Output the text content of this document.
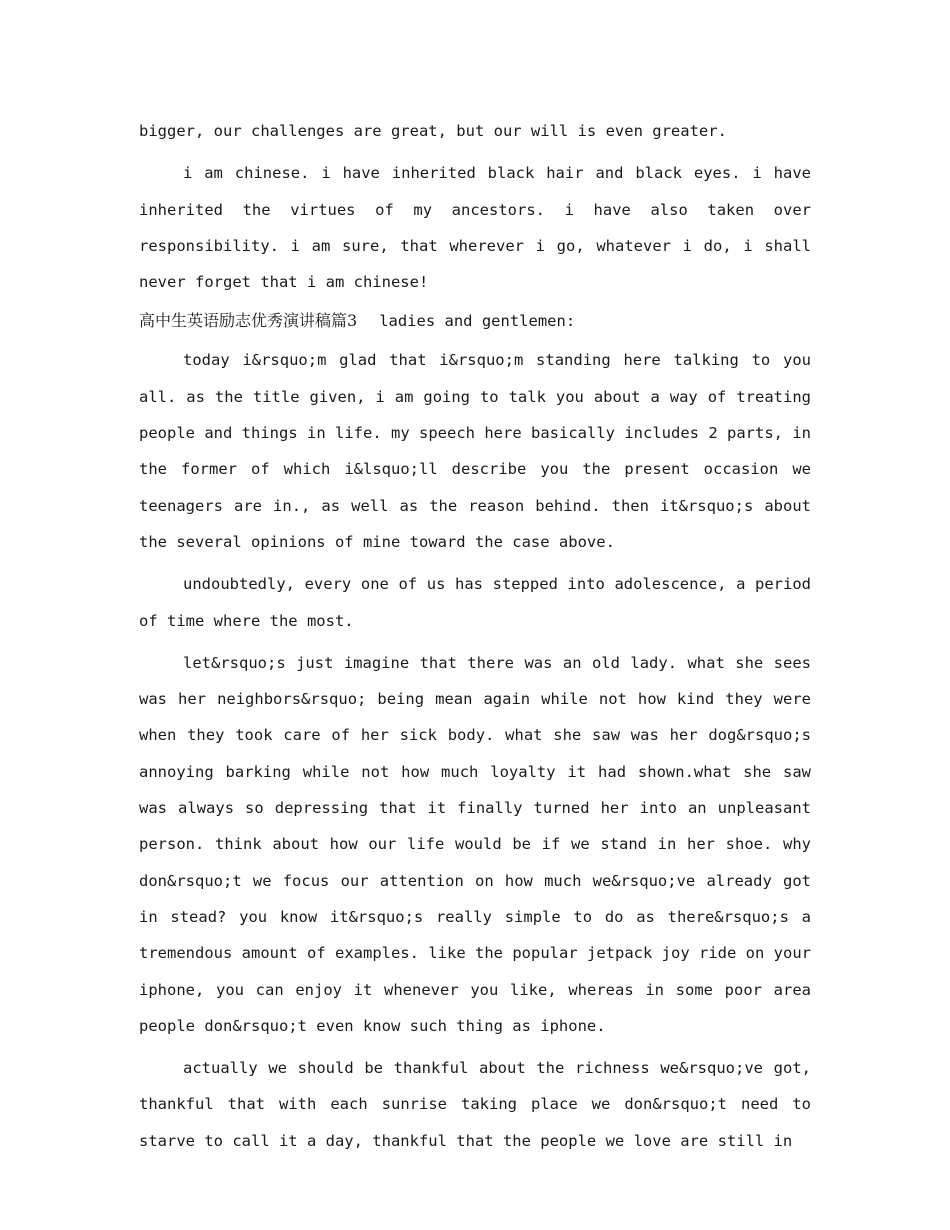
bigger, our challenges are great, but our will is even greater.

i am chinese. i have inherited black hair and black eyes. i have inherited the virtues of my ancestors. i have also taken over responsibility. i am sure, that wherever i go, whatever i do, i shall never forget that i am chinese!

高中生英语励志优秀演讲稿篇3 ladies and gentlemen:

today i&rsquo;m glad that i&rsquo;m standing here talking to you all. as the title given, i am going to talk you about a way of treating people and things in life. my speech here basically includes 2 parts, in the former of which i&lsquo;ll describe you the present occasion we teenagers are in., as well as the reason behind. then it&rsquo;s about the several opinions of mine toward the case above.

undoubtedly, every one of us has stepped into adolescence, a period of time where the most.

let&rsquo;s just imagine that there was an old lady. what she sees was her neighbors&rsquo; being mean again while not how kind they were when they took care of her sick body. what she saw was her dog&rsquo;s annoying barking while not how much loyalty it had shown.what she saw was always so depressing that it finally turned her into an unpleasant person. think about how our life would be if we stand in her shoe. why don&rsquo;t we focus our attention on how much we&rsquo;ve already got in stead? you know it&rsquo;s really simple to do as there&rsquo;s a tremendous amount of examples. like the popular jetpack joy ride on your iphone, you can enjoy it whenever you like, whereas in some poor area people don&rsquo;t even know such thing as iphone.

actually we should be thankful about the richness we&rsquo;ve got, thankful that with each sunrise taking place we don&rsquo;t need to starve to call it a day, thankful that the people we love are still in
